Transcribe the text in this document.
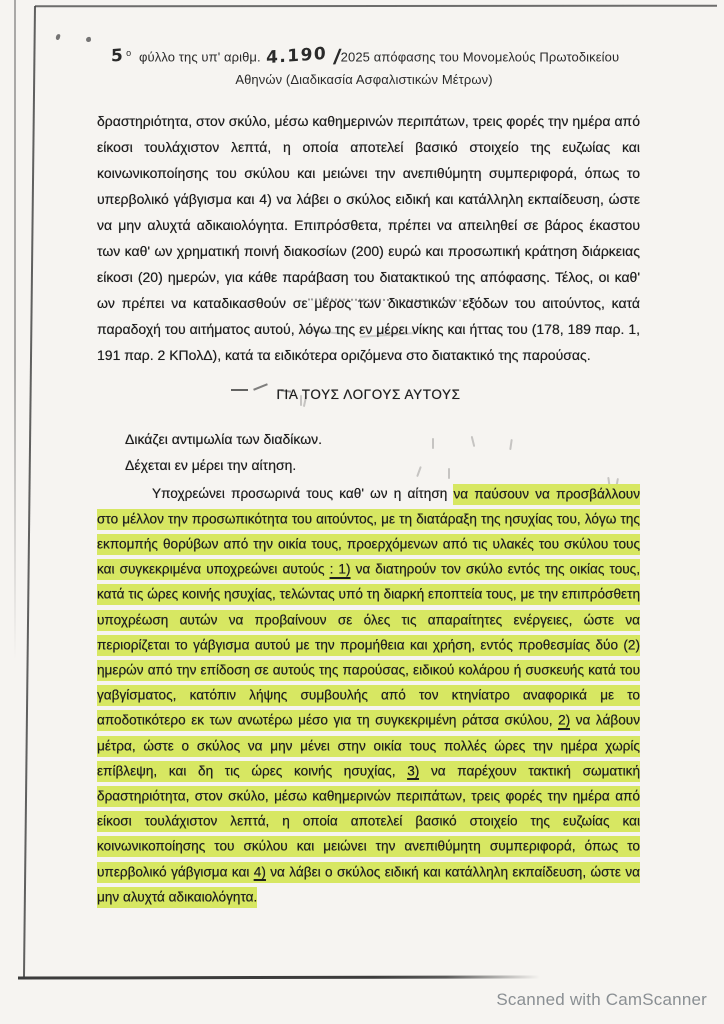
5 $^o$ φύλλο της υπ' αριθμ. 4.190 /2025 απόφασης του Μονομελούς Πρωτοδικείου
Αθηνών (Διαδικασία Ασφαλιστικών Μέτρων)

δραστηριότητα, στον σκύλο, μέσω καθημερινών περιπάτων, τρεις φορές την ημέρα από είκοσι τουλάχιστον λεπτά, η οποία αποτελεί βασικό στοιχείο της ευζωίας και κοινωνικοποίησης του σκύλου και μειώνει την ανεπιθύμητη συμπεριφορά, όπως το υπερβολικό γάβγισμα και 4) να λάβει ο σκύλος ειδική και κατάλληλη εκπαίδευση, ώστε να μην αλυχτά αδικαιολόγητα. Επιπρόσθετα, πρέπει να απειληθεί σε βάρος έκαστου των καθ' ων χρηματική ποινή διακοσίων (200) ευρώ και προσωπική κράτηση διάρκειας είκοσι (20) ημερών, για κάθε παράβαση του διατακτικού της απόφασης. Τέλος, οι καθ' ων πρέπει να καταδικασθούν σε μέρος των δικαστικών εξόδων του αιτούντος, κατά παραδοχή του αιτήματος αυτού, λόγω της εν μέρει νίκης και ήττας του (178, 189 παρ. 1, 191 παρ. 2 ΚΠολΔ), κατά τα ειδικότερα οριζόμενα στο διατακτικό της παρούσας.

ΓΙΑ ΤΟΥΣ ΛΟΓΟΥΣ ΑΥΤΟΥΣ

Δικάζει αντιμωλία των διαδίκων.

Δέχεται εν μέρει την αίτηση.

Υποχρεώνει προσωρινά τους καθ' ων η αίτηση να παύσουν να προσβάλλουν στο μέλλον την προσωπικότητα του αιτούντος, με τη διατάραξη της ησυχίας του, λόγω της εκπομπής θορύβων από την οικία τους, προερχόμενων από τις υλακές του σκύλου τους και συγκεκριμένα υποχρεώνει αυτούς : 1) να διατηρούν τον σκύλο εντός της οικίας τους, κατά τις ώρες κοινής ησυχίας, τελώντας υπό τη διαρκή εποπτεία τους, με την επιπρόσθετη υποχρέωση αυτών να προβαίνουν σε όλες τις απαραίτητες ενέργειες, ώστε να περιορίζεται το γάβγισμα αυτού με την προμήθεια και χρήση, εντός προθεσμίας δύο (2) ημερών από την επίδοση σε αυτούς της παρούσας, ειδικού κολάρου ή συσκευής κατά του γαβγίσματος, κατόπιν λήψης συμβουλής από τον κτηνίατρο αναφορικά με το αποδοτικότερο εκ των ανωτέρω μέσο για τη συγκεκριμένη ράτσα σκύλου, 2) να λάβουν μέτρα, ώστε ο σκύλος να μην μένει στην οικία τους πολλές ώρες την ημέρα χωρίς επίβλεψη, και δη τις ώρες κοινής ησυχίας, 3) να παρέχουν τακτική σωματική δραστηριότητα, στον σκύλο, μέσω καθημερινών περιπάτων, τρεις φορές την ημέρα από είκοσι τουλάχιστον λεπτά, η οποία αποτελεί βασικό στοιχείο της ευζωίας και κοινωνικοποίησης του σκύλου και μειώνει την ανεπιθύμητη συμπεριφορά, όπως το υπερβολικό γάβγισμα και 4) να λάβει ο σκύλος ειδική και κατάλληλη εκπαίδευση, ώστε να μην αλυχτά αδικαιολόγητα.

Scanned with CamScanner
